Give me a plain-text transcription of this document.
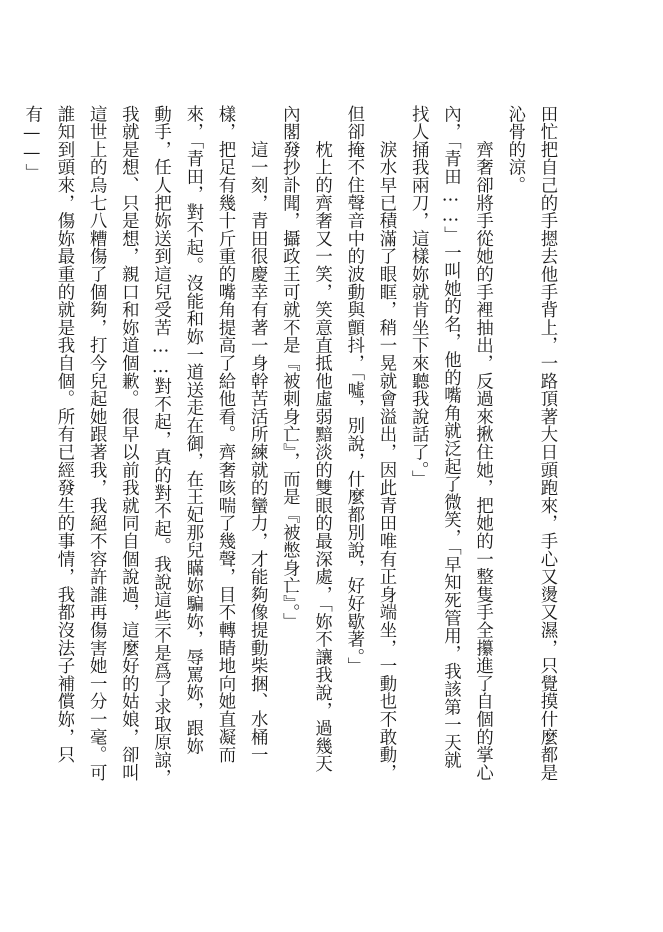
田忙把自己的手摁去他手背上，一路頂著大日頭跑來，手心又燙又濕，只覺摸什麼都是

沁骨的涼。

　　齊奢卻將手從她的手裡抽出，反過來揪住她，把她的一整隻手全攥進了自個的掌心

內，「青田……」一叫她的名，他的嘴角就泛起了微笑，「早知死管用，我該第一天就

找人捅我兩刀，這樣妳就肯坐下來聽我說話了。」

　　淚水早已積滿了眼眶，稍一晃就會溢出，因此青田唯有正身端坐，一動也不敢動，

但卻掩不住聲音中的波動與顫抖，「噓，別說，什麼都別說，好好歇著。」

　　枕上的齊奢又一笑，笑意直抵他虛弱黯淡的雙眼的最深處，「妳不讓我說，過幾天

內閣發抄訃聞，攝政王可就不是『被刺身亡』，而是『被憋身亡』。」

　　這一刻，青田很慶幸有著一身幹苦活所練就的蠻力，才能夠像提動柴捆、水桶一

樣，把足有幾十斤重的嘴角提高了給他看。齊奢咳喘了幾聲，目不轉睛地向她直凝而

來，「青田，對不起。沒能和妳一道送走在御，在王妃那兒瞞妳騙妳，辱罵妳，跟妳

動手，任人把妳送到這兒受苦……對不起，真的對不起。我說這些不是爲了求取原諒，

我就是想、只是想，親口和妳道個歉。很早以前我就同自個說過，這麼好的姑娘，卻叫

這世上的烏七八糟傷了個夠，打今兒起她跟著我，我絕不容許誰再傷害她一分一毫。可

誰知到頭來，傷妳最重的就是我自個。所有已經發生的事情，我都沒法子補償妳，只

有——」
